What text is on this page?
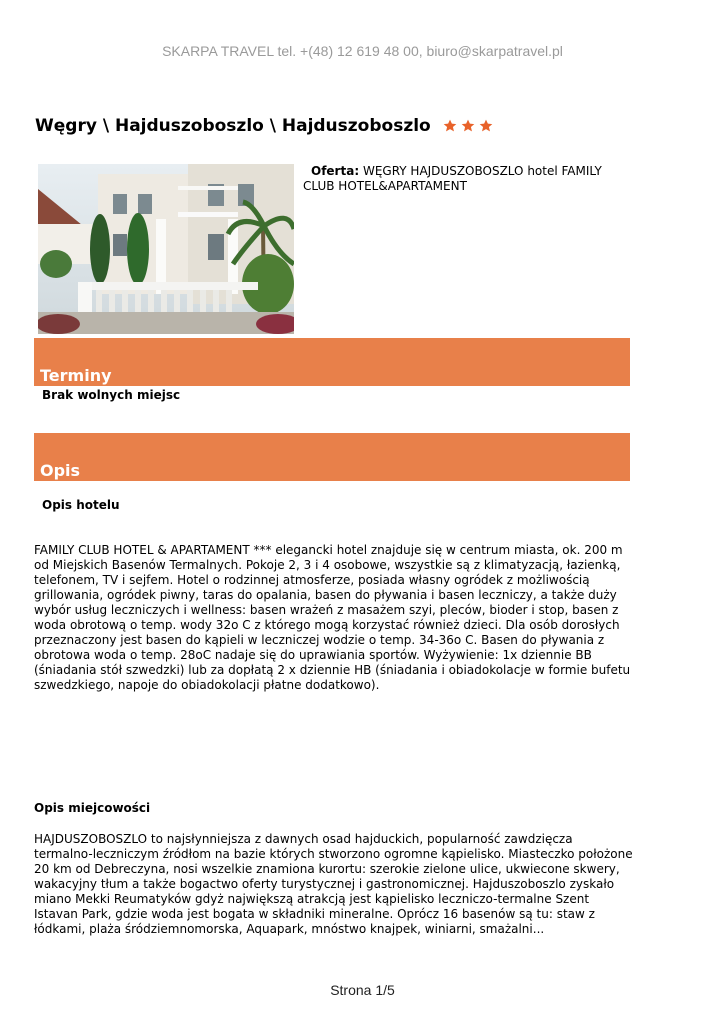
SKARPA TRAVEL tel. +(48) 12 619 48 00, biuro@skarpatravel.pl
Węgry \ Hajduszoboszlo \ Hajduszoboszlo
Oferta: WĘGRY HAJDUSZOBOSZLO hotel FAMILY CLUB HOTEL&APARTAMENT
Terminy
Brak wolnych miejsc
Opis
Opis hotelu

FAMILY CLUB HOTEL & APARTAMENT *** elegancki hotel znajduje się w centrum miasta, ok. 200 m od Miejskich Basenów Termalnych. Pokoje 2, 3 i 4 osobowe, wszystkie są z klimatyzacją, łazienką, telefonem, TV i sejfem. Hotel o rodzinnej atmosferze, posiada własny ogródek z możliwością grillowania, ogródek piwny, taras do opalania, basen do pływania i basen leczniczy, a także duży wybór usług leczniczych i wellness: basen wrażeń z masażem szyi, pleców, bioder i stop, basen z woda obrotową o temp. wody 32o C z którego mogą korzystać również dzieci. Dla osób dorosłych przeznaczony jest basen do kąpieli w leczniczej wodzie o temp. 34-36o C. Basen do pływania z obrotowa woda o temp. 28oC nadaje się do uprawiania sportów. Wyżywienie: 1x dziennie BB (śniadania stół szwedzki) lub za dopłatą 2 x dziennie HB (śniadania i obiadokolacje w formie bufetu szwedzkiego, napoje do obiadokolacji płatne dodatkowo).

Opis miejcowości

HAJDUSZOBOSZLO to najsłynniejsza z dawnych osad hajduckich, popularność zawdzięcza termalno-leczniczym źródłom na bazie których stworzono ogromne kąpielisko. Miasteczko położone 20 km od Debreczyna, nosi wszelkie znamiona kurortu: szerokie zielone ulice, ukwiecone skwery, wakacyjny tłum a także bogactwo oferty turystycznej i gastronomicznej. Hajduszoboszlo zyskało miano Mekki Reumatyków gdyż największą atrakcją jest kąpielisko leczniczo-termalne Szent Istavan Park, gdzie woda jest bogata w składniki mineralne. Oprócz 16 basenów są tu: staw z łódkami, plaża śródziemnomorska, Aquapark, mnóstwo knajpek, winiarni, smażalni...

Strona 1/5
